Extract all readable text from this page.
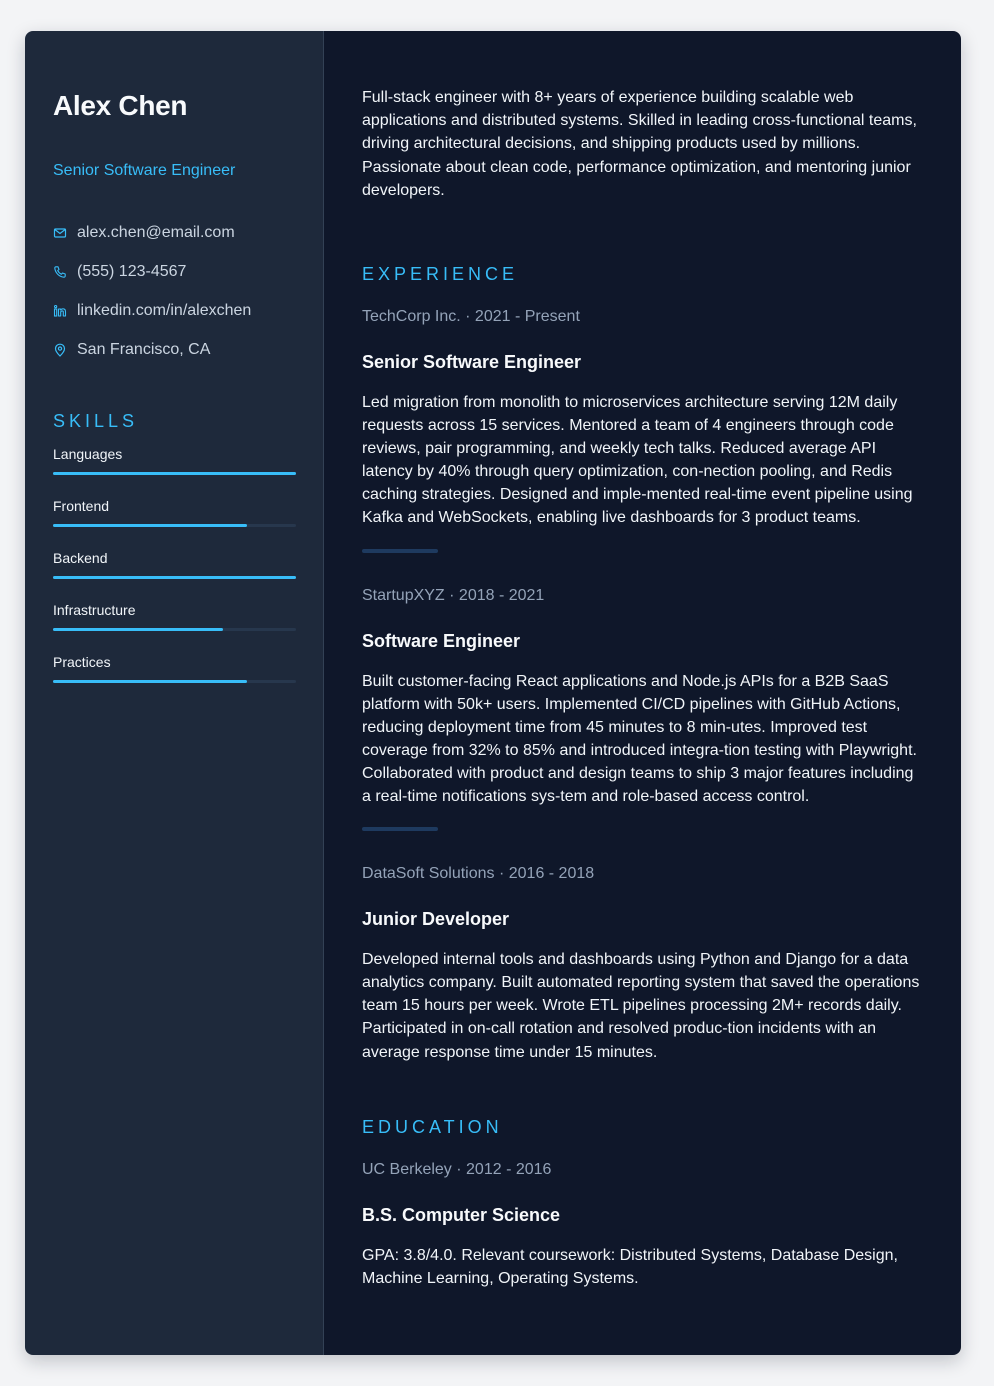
Alex Chen
Senior Software Engineer
alex.chen@email.com
(555) 123-4567
linkedin.com/in/alexchen
San Francisco, CA
SKILLS
Languages
Frontend
Backend
Infrastructure
Practices

Full-stack engineer with 8+ years of experience building scalable web applications and distributed systems. Skilled in leading cross-functional teams, driving architectural decisions, and shipping products used by millions. Passionate about clean code, performance optimization, and mentoring junior developers.

EXPERIENCE
TechCorp Inc. · 2021 - Present
Senior Software Engineer

Led migration from monolith to microservices architecture serving 12M daily requests across 15 services. Mentored a team of 4 engineers through code reviews, pair programming, and weekly tech talks. Reduced average API latency by 40% through query optimization, con-nection pooling, and Redis caching strategies. Designed and imple-mented real-time event pipeline using Kafka and WebSockets, enabling live dashboards for 3 product teams.

StartupXYZ · 2018 - 2021
Software Engineer

Built customer-facing React applications and Node.js APIs for a B2B SaaS platform with 50k+ users. Implemented CI/CD pipelines with GitHub Actions, reducing deployment time from 45 minutes to 8 min-utes. Improved test coverage from 32% to 85% and introduced integra-tion testing with Playwright. Collaborated with product and design teams to ship 3 major features including a real-time notifications sys-tem and role-based access control.

DataSoft Solutions · 2016 - 2018
Junior Developer

Developed internal tools and dashboards using Python and Django for a data analytics company. Built automated reporting system that saved the operations team 15 hours per week. Wrote ETL pipelines processing 2M+ records daily. Participated in on-call rotation and resolved produc-tion incidents with an average response time under 15 minutes.

EDUCATION
UC Berkeley · 2012 - 2016
B.S. Computer Science

GPA: 3.8/4.0. Relevant coursework: Distributed Systems, Database Design, Machine Learning, Operating Systems.
